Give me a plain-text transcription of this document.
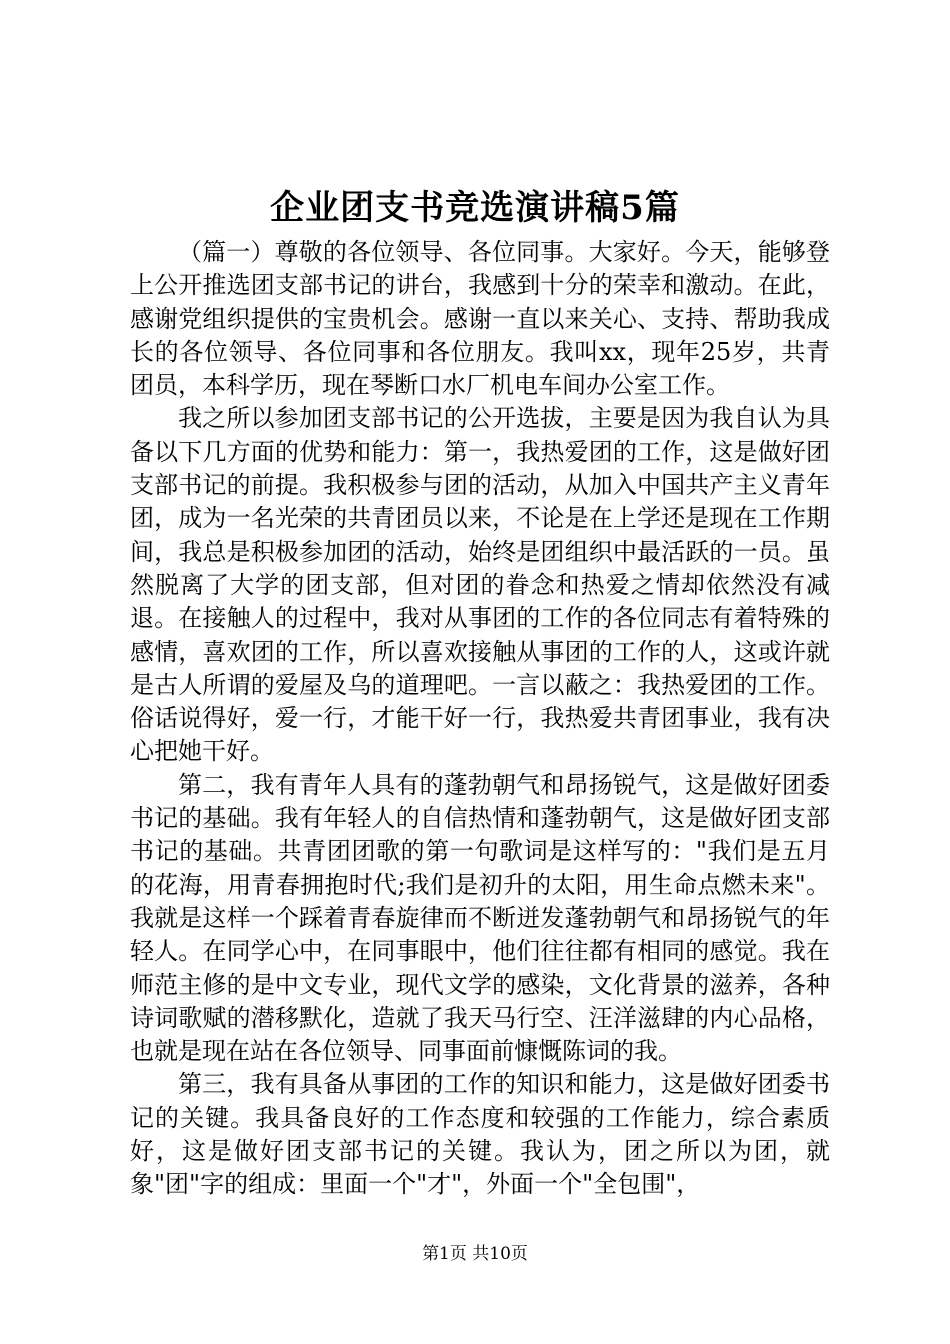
企业团支书竞选演讲稿5篇

（篇一）尊敬的各位领导、各位同事。大家好。今天，能够登上公开推选团支部书记的讲台，我感到十分的荣幸和激动。在此，感谢党组织提供的宝贵机会。感谢一直以来关心、支持、帮助我成长的各位领导、各位同事和各位朋友。我叫xx，现年25岁，共青团员，本科学历，现在琴断口水厂机电车间办公室工作。

我之所以参加团支部书记的公开选拔，主要是因为我自认为具备以下几方面的优势和能力：第一，我热爱团的工作，这是做好团支部书记的前提。我积极参与团的活动，从加入中国共产主义青年团，成为一名光荣的共青团员以来，不论是在上学还是现在工作期间，我总是积极参加团的活动，始终是团组织中最活跃的一员。虽然脱离了大学的团支部，但对团的眷念和热爱之情却依然没有减退。在接触人的过程中，我对从事团的工作的各位同志有着特殊的感情，喜欢团的工作，所以喜欢接触从事团的工作的人，这或许就是古人所谓的爱屋及乌的道理吧。一言以蔽之：我热爱团的工作。俗话说得好，爱一行，才能干好一行，我热爱共青团事业，我有决心把她干好。

第二，我有青年人具有的蓬勃朝气和昂扬锐气，这是做好团委书记的基础。我有年轻人的自信热情和蓬勃朝气，这是做好团支部书记的基础。共青团团歌的第一句歌词是这样写的："我们是五月的花海，用青春拥抱时代;我们是初升的太阳，用生命点燃未来"。我就是这样一个踩着青春旋律而不断迸发蓬勃朝气和昂扬锐气的年轻人。在同学心中，在同事眼中，他们往往都有相同的感觉。我在师范主修的是中文专业，现代文学的感染，文化背景的滋养，各种诗词歌赋的潜移默化，造就了我天马行空、汪洋滋肆的内心品格，也就是现在站在各位领导、同事面前慷慨陈词的我。

第三，我有具备从事团的工作的知识和能力，这是做好团委书记的关键。我具备良好的工作态度和较强的工作能力，综合素质好，这是做好团支部书记的关键。我认为，团之所以为团，就象"团"字的组成：里面一个"才"，外面一个"全包围"，

第1页 共10页
